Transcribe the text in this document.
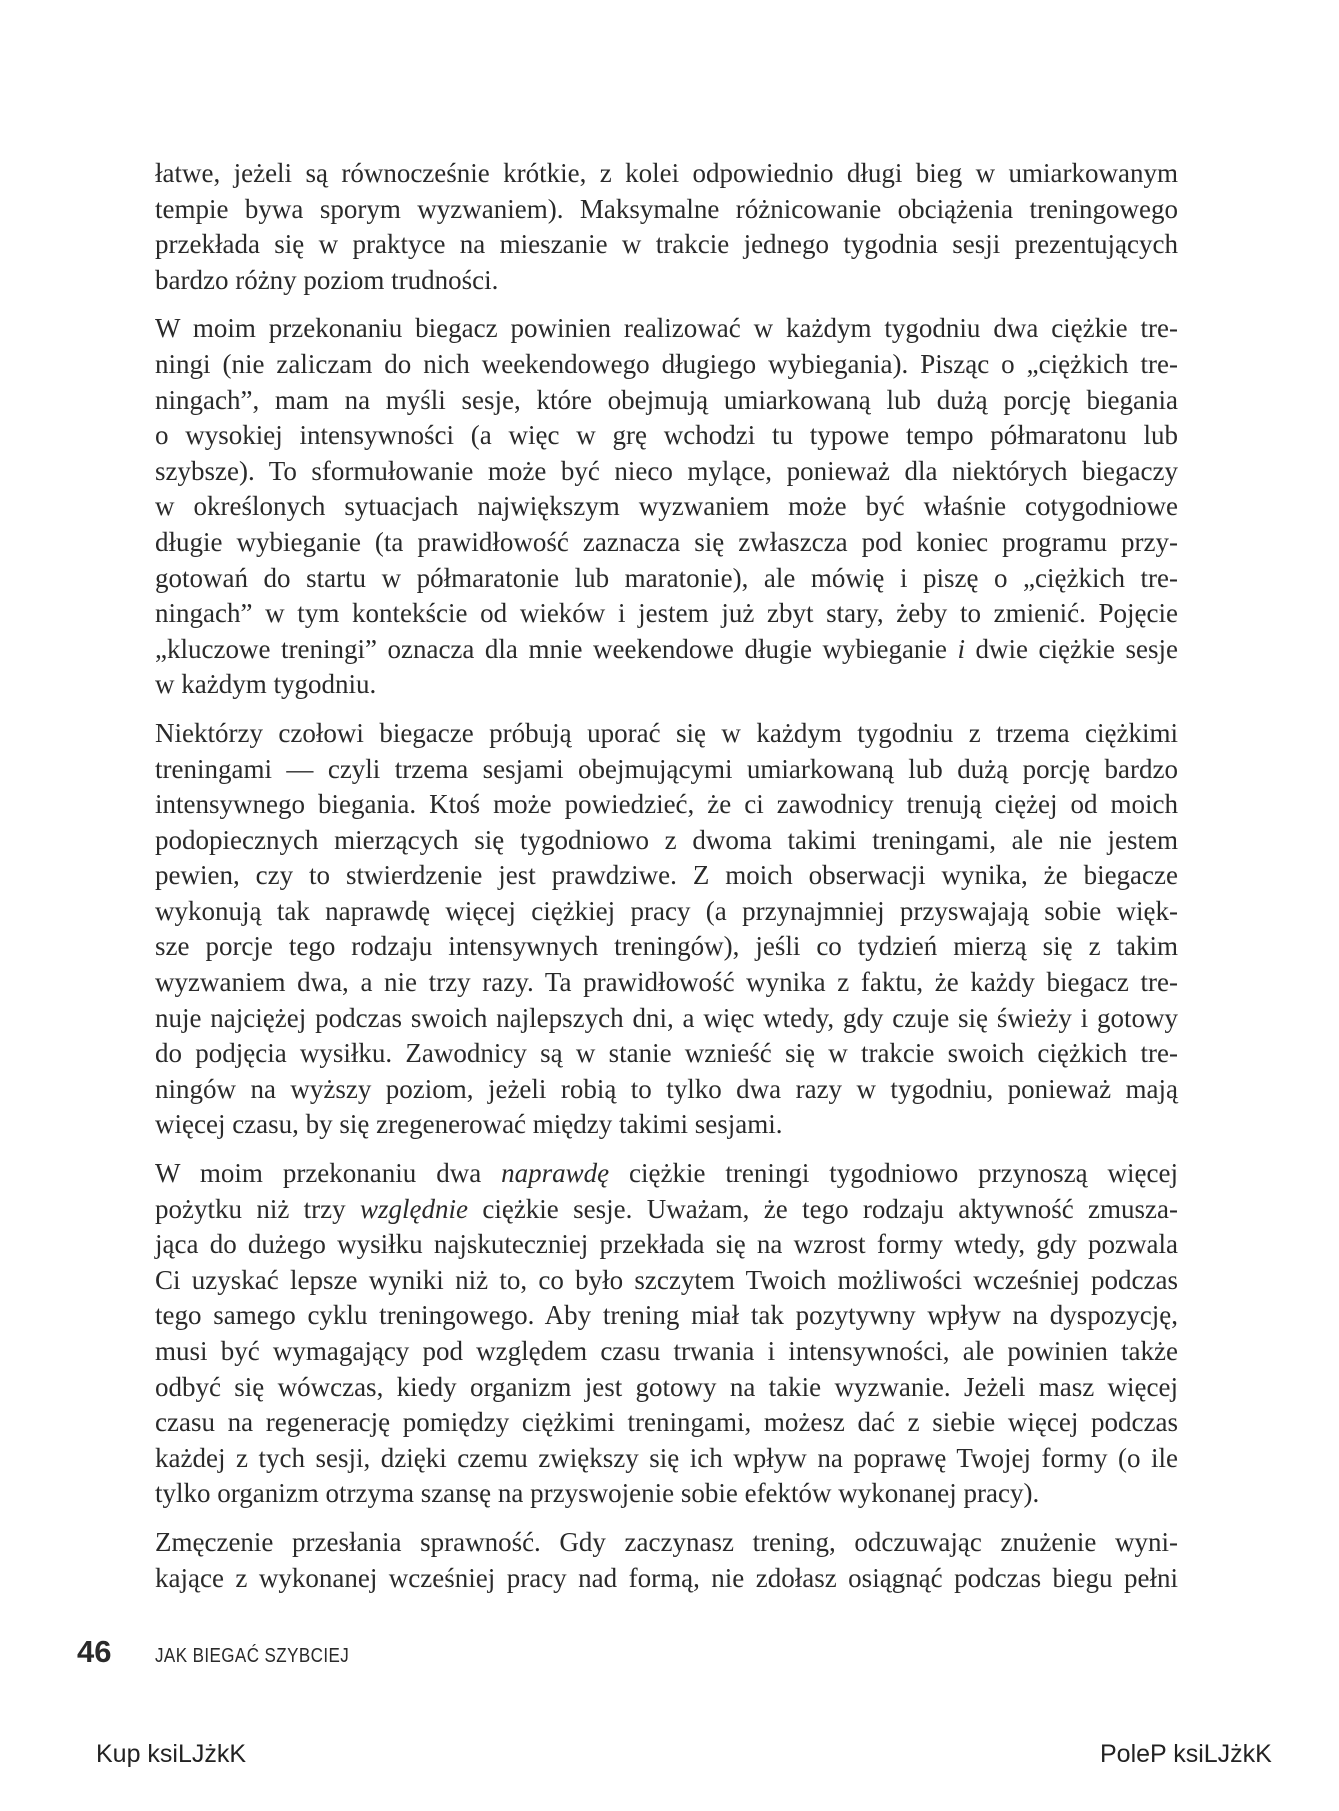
łatwe, jeżeli są równocześnie krótkie, z kolei odpowiednio długi bieg w umiarkowanym
tempie bywa sporym wyzwaniem). Maksymalne różnicowanie obciążenia treningowego
przekłada się w praktyce na mieszanie w trakcie jednego tygodnia sesji prezentujących
bardzo różny poziom trudności.

W moim przekonaniu biegacz powinien realizować w każdym tygodniu dwa ciężkie tre-
ningi (nie zaliczam do nich weekendowego długiego wybiegania). Pisząc o „ciężkich tre-
ningach”, mam na myśli sesje, które obejmują umiarkowaną lub dużą porcję biegania
o wysokiej intensywności (a więc w grę wchodzi tu typowe tempo półmaratonu lub
szybsze). To sformułowanie może być nieco mylące, ponieważ dla niektórych biegaczy
w określonych sytuacjach największym wyzwaniem może być właśnie cotygodniowe
długie wybieganie (ta prawidłowość zaznacza się zwłaszcza pod koniec programu przy-
gotowań do startu w półmaratonie lub maratonie), ale mówię i piszę o „ciężkich tre-
ningach” w tym kontekście od wieków i jestem już zbyt stary, żeby to zmienić. Pojęcie
„kluczowe treningi” oznacza dla mnie weekendowe długie wybieganie i dwie ciężkie sesje
w każdym tygodniu.

Niektórzy czołowi biegacze próbują uporać się w każdym tygodniu z trzema ciężkimi
treningami — czyli trzema sesjami obejmującymi umiarkowaną lub dużą porcję bardzo
intensywnego biegania. Ktoś może powiedzieć, że ci zawodnicy trenują ciężej od moich
podopiecznych mierzących się tygodniowo z dwoma takimi treningami, ale nie jestem
pewien, czy to stwierdzenie jest prawdziwe. Z moich obserwacji wynika, że biegacze
wykonują tak naprawdę więcej ciężkiej pracy (a przynajmniej przyswajają sobie więk-
sze porcje tego rodzaju intensywnych treningów), jeśli co tydzień mierzą się z takim
wyzwaniem dwa, a nie trzy razy. Ta prawidłowość wynika z faktu, że każdy biegacz tre-
nuje najciężej podczas swoich najlepszych dni, a więc wtedy, gdy czuje się świeży i gotowy
do podjęcia wysiłku. Zawodnicy są w stanie wznieść się w trakcie swoich ciężkich tre-
ningów na wyższy poziom, jeżeli robią to tylko dwa razy w tygodniu, ponieważ mają
więcej czasu, by się zregenerować między takimi sesjami.

W moim przekonaniu dwa naprawdę ciężkie treningi tygodniowo przynoszą więcej
pożytku niż trzy względnie ciężkie sesje. Uważam, że tego rodzaju aktywność zmusza-
jąca do dużego wysiłku najskuteczniej przekłada się na wzrost formy wtedy, gdy pozwala
Ci uzyskać lepsze wyniki niż to, co było szczytem Twoich możliwości wcześniej podczas
tego samego cyklu treningowego. Aby trening miał tak pozytywny wpływ na dyspozycję,
musi być wymagający pod względem czasu trwania i intensywności, ale powinien także
odbyć się wówczas, kiedy organizm jest gotowy na takie wyzwanie. Jeżeli masz więcej
czasu na regenerację pomiędzy ciężkimi treningami, możesz dać z siebie więcej podczas
każdej z tych sesji, dzięki czemu zwiększy się ich wpływ na poprawę Twojej formy (o ile
tylko organizm otrzyma szansę na przyswojenie sobie efektów wykonanej pracy).

Zmęczenie przesłania sprawność. Gdy zaczynasz trening, odczuwając znużenie wyni-
kające z wykonanej wcześniej pracy nad formą, nie zdołasz osiągnąć podczas biegu pełni

46 JAK BIEGAĆ SZYBCIEJ
Kup ksiLJżkK	PoleP ksiLJżkK
